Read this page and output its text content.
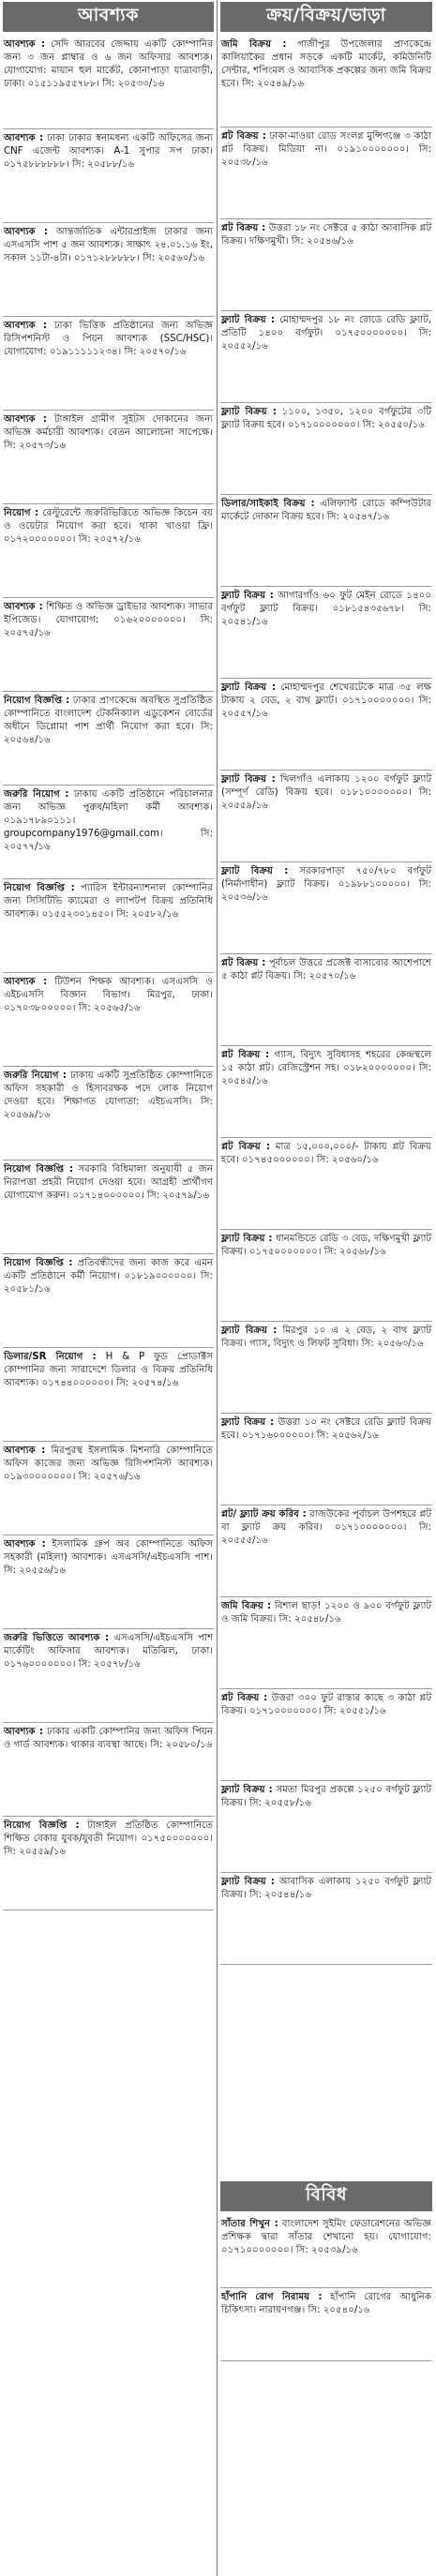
আবশ্যক
আবশ্যক : সেদি আরবের জেদ্দায় একটি কোম্পানির জন্য ৩ জন প্লাম্বার ও ৬ জন অফিসার আবশ্যক। যোগাযোগ: মায়ান হুল মার্কেট, কোনাপাড়া যাত্রাবাড়ী, ঢাকা। ০১৫১১৯৫৫৭৮৮। সি: ২০৫৩৩/১৬
আবশ্যক : ঢাকা ঢাকার স্বনামধন্য একটি অফিসের জন্য CNF এজেন্ট আবশ্যক। A-1 সুপার সপ ঢাকা। ০১৭৫৮৮৮৮৮৮। সি: ২০৫৮৮/১৬
আবশ্যক : আন্তর্জাতিক এন্টারপ্রাইজ ঢাকার জন্য এসএসসি পাশ ৫ জন আবশ্যক। সাক্ষাৎ ২৪.০১.১৬ ইং, সকাল ১১টা-৪টা। ০১৭১২৮৮৮৮৮। সি: ২০৫৬০/১৬
আবশ্যক : ঢাকা ভিত্তিক প্রতিষ্ঠানের জন্য অভিজ্ঞ রিসিপশনিস্ট ও পিয়ন আবশ্যক (SSC/HSC)। যোগাযোগ: ০১৯১১১১১২৩৪। সি: ২০৫৭০/১৬
আবশ্যক : টাঙ্গাইল গ্রামীণ সুইটস দোকানের জন্য অভিজ্ঞ কর্মচারী আবশ্যক। বেতন আলোচনা সাপেক্ষে। সি: ২০৫৭৩/১৬
নিয়োগ : রেস্টুরেন্টে জরুরিভিত্তিতে অভিজ্ঞ কিচেন বয় ও ওয়েটার নিয়োগ করা হবে। থাকা খাওয়া ফ্রি। ০১৭২০০০০০০০। সি: ২০৫৭২/১৬
আবশ্যক : শিক্ষিত ও অভিজ্ঞ ড্রাইভার আবশ্যক। সাভার ইপিজেড। যোগাযোগ: ০১৬২০০০০০০০। সি: ২০৫৭৫/১৬
নিয়োগ বিজ্ঞপ্তি : ঢাকার প্রাণকেন্দ্রে অবস্থিত সুপ্রতিষ্ঠিত কোম্পানিতে বাংলাদেশ টেকনিক্যাল এডুকেশন বোর্ডের অধীনে ডিপ্লোমা পাশ প্রার্থী নিয়োগ করা হবে। সি: ২০৫৬৪/১৬
জরুরি নিয়োগ : ঢাকায় একটি প্রতিষ্ঠানে পরিচালনার জন্য অভিজ্ঞ পুরুষ/মহিলা কর্মী আবশ্যক। ০১৯১৭৮৯০১১১। groupcompany1976@gmail.com। সি: ২০৫৭৭/১৬
নিয়োগ বিজ্ঞপ্তি : প্যারিস ইন্টারন্যাশনাল কোম্পানির জন্য সিসিটিভি ক্যামেরা ও ল্যাপটপ বিক্রয় প্রতিনিধি আবশ্যক। ০১৫৫২৩০১৪৫০। সি: ২০৫৮২/১৬
আবশ্যক : টিউশন শিক্ষক আবশ্যক। এসএসসি ও এইচএসসি বিজ্ঞান বিভাগ। মিরপুর, ঢাকা। ০১৭০৩৮০০০০০। সি: ২০৫৬৫/১৬
জরুরি নিয়োগ : ঢাকায় একটি সুপ্রতিষ্ঠিত কোম্পানিতে অফিস সহকারী ও হিসাবরক্ষক পদে লোক নিয়োগ দেওয়া হবে। শিক্ষাগত যোগ্যতা: এইচএসসি। সি: ২০৫৬৯/১৬
নিয়োগ বিজ্ঞপ্তি : সরকারি বিধিমালা অনুযায়ী ৫ জন নিরাপত্তা প্রহরী নিয়োগ দেওয়া হবে। আগ্রহী প্রার্থীগণ যোগাযোগ করুন। ০১৭১৪০০০০০০। সি: ২০৫৭৯/১৬
নিয়োগ বিজ্ঞপ্তি : প্রতিবন্ধীদের জন্য কাজ করে এমন একটি প্রতিষ্ঠানে কর্মী নিয়োগ। ০১৮১৯০০০০০০। সি: ২০৫৮১/১৬
ডিলার/SR নিয়োগ : H & P ফুড প্রোডাক্টস কোম্পানির জন্য সারাদেশে ডিলার ও বিক্রয় প্রতিনিধি আবশ্যক। ০১৭৪৪০০০০০০। সি: ২০৫৭৪/১৬
আবশ্যক : মিরপুরস্থ ইসলামিক মিশনারি কোম্পানিতে অফিস কাজের জন্য অভিজ্ঞ রিসিপশনিস্ট আবশ্যক। ০১৯৩০০০০০০০। সি: ২০৫৭৬/১৬
আবশ্যক : ইসলামিক গ্রুপ অব কোম্পানিতে অফিস সহকারী (মহিলা) আবশ্যক। এসএসসি/এইচএসসি পাশ। সি: ২০৫৫৬/১৬
জরুরি ভিত্তিতে আবশ্যক : এসএসসি/এইচএসসি পাশ মার্কেটিং অফিসার আবশ্যক। মতিঝিল, ঢাকা। ০১৭৬০০০০০০০। সি: ২০৫৭৮/১৬
আবশ্যক : ঢাকার একটি কোম্পানির জন্য অফিস পিয়ন ও গার্ড আবশ্যক। থাকার ব্যবস্থা আছে। সি: ২০৫৮০/১৬
নিয়োগ বিজ্ঞপ্তি : টাঙ্গাইল প্রতিষ্ঠিত কোম্পানিতে শিক্ষিত বেকার যুবক/যুবতী নিয়োগ। ০১৭৫০০০০০০০। সি: ২০৫৫৯/১৬
ক্রয়/বিক্রয়/ভাড়া
জমি বিক্রয় : গাজীপুর উপজেলার প্রাণকেন্দ্রে কালিয়াকৈর প্রধান সড়কে একটি মার্কেট, কমিউনিটি সেন্টার, শপিংমল ও আবাসিক প্রকল্পের জন্য জমি বিক্রয় হবে। সি: ২০৫৪৯/১৬
প্লট বিক্রয় : ঢাকা-মাওয়া রোড সংলগ্ন মুন্সিগঞ্জে ৩ কাঠা প্লট বিক্রয়। মিডিয়া না। ০১৯১০০০০০০০। সি: ২০৫৩৮/১৬
প্লট বিক্রয় : উত্তরা ১৮ নং সেক্টরে ৫ কাঠা আবাসিক প্লট বিক্রয়। দক্ষিণমুখী। সি: ২০৫৪৬/১৬
ফ্ল্যাট বিক্রয় : মোহাম্মদপুর ১৮ নং রোডে রেডি ফ্ল্যাট, প্রতিটি ১৪০০ বর্গফুট। ০১৭৫০০০০০০০। সি: ২০৫৫২/১৬
ফ্ল্যাট বিক্রয় : ১১০০, ১৩৫০, ১২০০ বর্গফুটের ৩টি ফ্ল্যাট বিক্রয় হবে। ০১৭১০০০০০০০। সি: ২০৫৫০/১৬
ডিলার/সাইকাই বিক্রয় : এলিফ্যান্ট রোডে কম্পিউটার মার্কেটে দোকান বিক্রয় হবে। সি: ২০৫৪৭/১৬
ফ্ল্যাট বিক্রয় : আগারগাঁও ৬০ ফুট মেইন রোডে ১৪০০ বর্গফুট ফ্ল্যাট বিক্রয়। ০১৮১৫৪৩৫৬৭৮। সি: ২০৫৪১/১৬
ফ্ল্যাট বিক্রয় : মোহাম্মদপুর শেখেরটেকে মাত্র ৩৫ লক্ষ টাকায় ২ বেড, ২ বাথ ফ্ল্যাট। ০১৭১০০০০০০০। সি: ২০৫৫৭/১৬
ফ্ল্যাট বিক্রয় : খিলগাঁও এলাকায় ১২০০ বর্গফুট ফ্ল্যাট (সম্পূর্ণ রেডি) বিক্রয় হবে। ০১৮১০০০০০০০। সি: ২০৫৫৯/১৬
ফ্ল্যাট বিক্রয় : সরকারপাড়া ৭৫০/৭৮০ বর্গফুট (নির্মাণাধীন) ফ্ল্যাট বিক্রয়। ০১৯৮৮১০০০০০। সি: ২০৫৩৬/১৬
প্লট বিক্রয় : পূর্বাচল উত্তরে প্রজেক্ট বাসাবোর আশেপাশে ৫ কাঠা প্লট বিক্রয়। সি: ২০৫৭০/১৬
প্লট বিক্রয় : গ্যাস, বিদ্যুৎ সুবিধাসহ শহরের কেন্দ্রস্থলে ১৫ কাঠা প্লট। রেজিস্ট্রেশন সহ। ০১৮২০০০০০০০। সি: ২০৫৪৫/১৬
প্লট বিক্রয় : মাত্র ১৫,০০০,০০০/- টাকায় প্লট বিক্রয় হবে। ০১৭৪৫০০০০০০। সি: ২০৫৬০/১৬
ফ্ল্যাট বিক্রয় : ধানমন্ডিতে রেডি ৩ বেড, দক্ষিণমুখী ফ্ল্যাট বিক্রয়। ০১৭৫০০০০০০০। সি: ২০৫৬৮/১৬
ফ্ল্যাট বিক্রয় : মিরপুর ১০ এ ২ বেড, ২ বাথ ফ্ল্যাট বিক্রয়। গ্যাস, বিদ্যুৎ ও লিফট সুবিধা। সি: ২০৫৬৩/১৬
ফ্ল্যাট বিক্রয় : উত্তরা ১০ নং সেক্টরে রেডি ফ্ল্যাট বিক্রয় হবে। ০১৭১৬০০০০০০। সি: ২০৫৬২/১৬
প্লট/ ফ্ল্যাট ক্রয় করিব : রাজউকের পূর্বাচল উপশহরে প্লট বা ফ্ল্যাট ক্রয় করিব। ০১৭১০০০০০০০। সি: ২০৫৫৫/১৬
জমি বিক্রয় : বিশাল ছাড়! ১২০০ ও ৯০০ বর্গফুট ফ্ল্যাট ও জমি বিক্রয়। সি: ২০৫৪৮/১৬
প্লট বিক্রয় : উত্তরা ৩০০ ফুট রাস্তার কাছে ৩ কাঠা প্লট বিক্রয়। ০১৭১০০০০০০০। সি: ২০৫৫১/১৬
ফ্ল্যাট বিক্রয় : সমতা মিরপুর প্রকল্পে ১২৫০ বর্গফুট ফ্ল্যাট বিক্রয়। সি: ২০৫৫৮/১৬
ফ্ল্যাট বিক্রয় : আবাসিক এলাকায় ১২৫০ বর্গফুট ফ্ল্যাট বিক্রয়। সি: ২০৫৪৪/১৬
বিবিধ
সাঁতার শিখুন : বাংলাদেশ সুইমিং ফেডারেশনের অভিজ্ঞ প্রশিক্ষক দ্বারা সাঁতার শেখানো হয়। যোগাযোগ: ০১৭১০০০০০০০। সি: ২০৫৩৯/১৬
হাঁপানি রোগ নিরাময় : হাঁপানি রোগের আধুনিক চিকিৎসা। নারায়ণগঞ্জ। সি: ২০৫৪০/১৬
